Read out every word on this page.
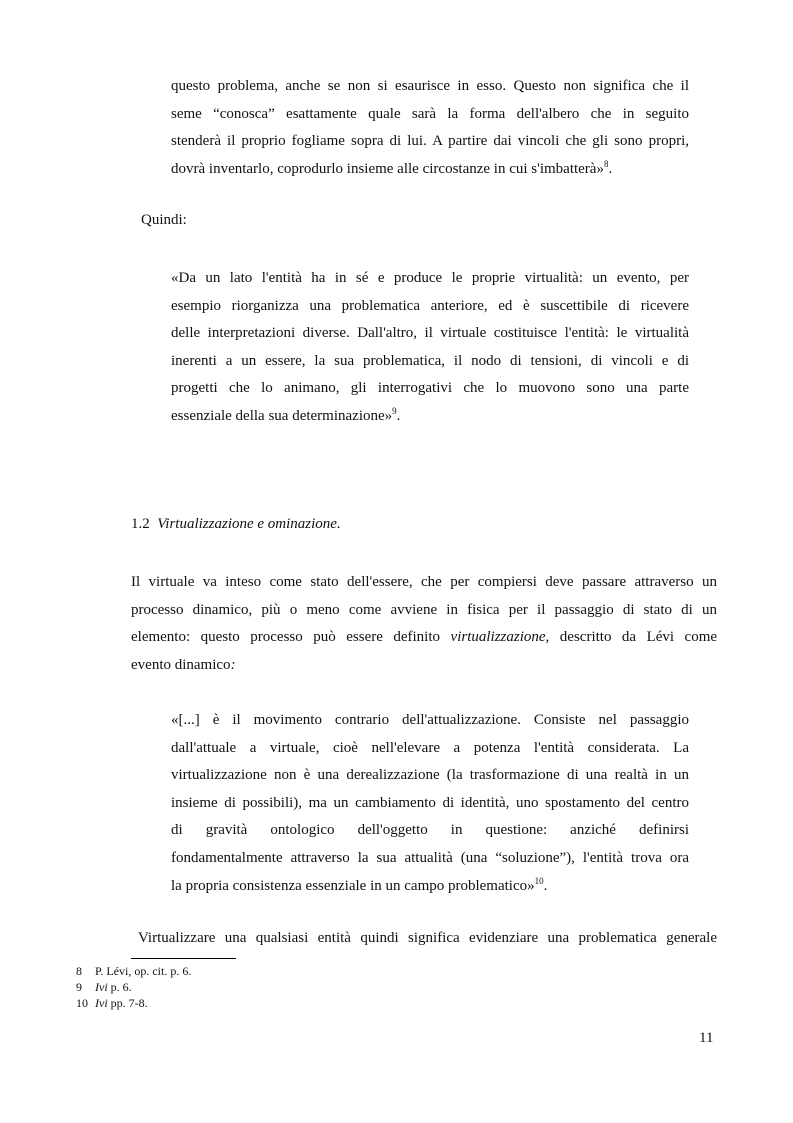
questo problema, anche se non si esaurisce in esso. Questo non significa che il
seme “conosca” esattamente quale sarà la forma dell'albero che in seguito
stenderà il proprio fogliame sopra di lui. A partire dai vincoli che gli sono propri,
dovrà inventarlo, coprodurlo insieme alle circostanze in cui s'imbatterà»$^8$.
Quindi:
«Da un lato l'entità ha in sé e produce le proprie virtualità: un evento, per
esempio riorganizza una problematica anteriore, ed è suscettibile di ricevere
delle interpretazioni diverse. Dall'altro, il virtuale costituisce l'entità: le virtualità
inerenti a un essere, la sua problematica, il nodo di tensioni, di vincoli e di
progetti che lo animano, gli interrogativi che lo muovono sono una parte
essenziale della sua determinazione»$^9$.
1.2 Virtualizzazione e ominazione.
Il virtuale va inteso come stato dell'essere, che per compiersi deve passare attraverso un
processo dinamico, più o meno come avviene in fisica per il passaggio di stato di un
elemento: questo processo può essere definito virtualizzazione, descritto da Lévi come
evento dinamico:
«[...] è il movimento contrario dell'attualizzazione. Consiste nel passaggio
dall'attuale a virtuale, cioè nell'elevare a potenza l'entità considerata. La
virtualizzazione non è una derealizzazione (la trasformazione di una realtà in un
insieme di possibili), ma un cambiamento di identità, uno spostamento del centro
di gravità ontologico dell'oggetto in questione: anziché definirsi
fondamentalmente attraverso la sua attualità (una “soluzione”), l'entità trova ora
la propria consistenza essenziale in un campo problematico»$^{10}$.
Virtualizzare una qualsiasi entità quindi significa evidenziare una problematica generale
8 P. Lévi, op. cit. p. 6.
9 Ivi p. 6.
10 Ivi pp. 7-8.
11
